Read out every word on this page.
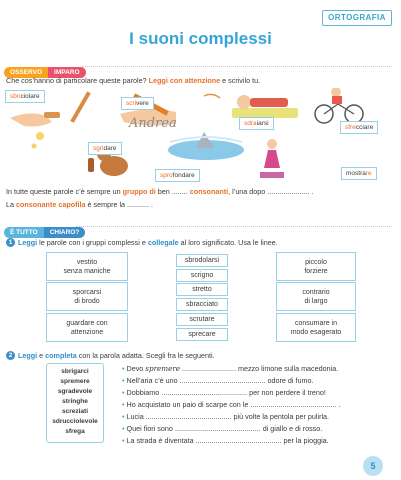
ORTOGRAFIA
I suoni complessi
OSSERVO IMPARO
Che cos’hanno di particolare queste parole? Leggi con attenzione e scrivilo tu.
sbriciolare
scrivere
Andrea	sdraiarsi
sfrecciare
sgridare
sprofondare	mostrare
In tutte queste parole c’è sempre un gruppo di ben ........ consonanti, l’una dopo ..................... .
La consonante capofila è sempre la ........... .
È TUTTO CHIARO?
1 Leggi le parole con i gruppi complessi e collegale al loro significato. Usa le linee.
vestito
senza maniche
sporcarsi
di brodo
guardare con
attenzione
sbrodolarsi
scrigno
stretto
sbracciato
scrutare
sprecare
piccolo
forziere
contrario
di largo
consumare in
modo esagerato
2 Leggi e completa con la parola adatta. Scegli fra le seguenti.
sbrigarci
spremere
sgradevole
stringhe
screziati
sdrucciolevole
sfrega
• Devo spremere ........................... mezzo limone sulla macedonia.
• Nell’aria c’è uno ........................................... odore di fumo.
• Dobbiamo ........................................... per non perdere il treno!
• Ho acquistato un paio di scarpe con le ........................................... .
• Lucia ........................................... più volte la pentola per pulirla.
• Quei fiori sono ........................................... di giallo e di rosso.
• La strada è diventata ........................................... per la pioggia.
5
